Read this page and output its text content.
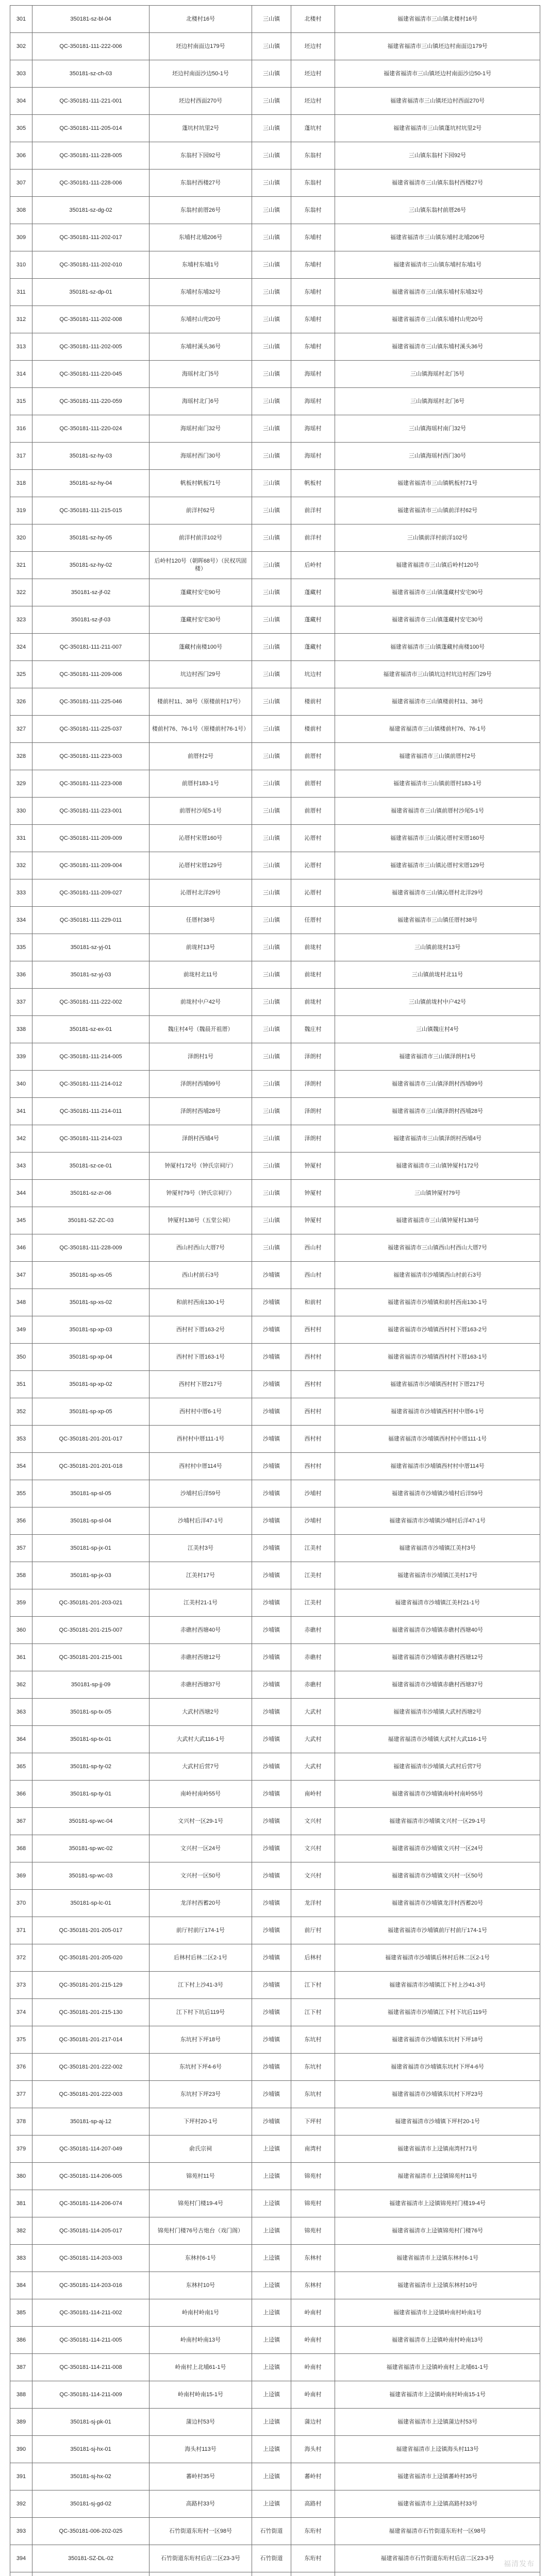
301	350181-sz-bl-04	北楼村16号	三山镇	北楼村	福建省福清市三山镇北楼村16号
302	QC-350181-111-222-006	坯边村南面边179号	三山镇	坯边村	福建省福清市三山镇坯边村南面边179号
303	350181-sz-ch-03	坯边村南面沙边50-1号	三山镇	坯边村	福建省福清市三山镇坯边村南面沙边50-1号
304	QC-350181-111-221-001	坯边村西面270号	三山镇	坯边村	福建省福清市三山镇坯边村西面270号
305	QC-350181-111-205-014	蓬坑村坑里2号	三山镇	蓬坑村	福建省福清市三山镇蓬坑村坑里2号
306	QC-350181-111-228-005	东翁村下园92号	三山镇	东翁村	三山镇东翁村下园92号
307	QC-350181-111-228-006	东翁村西楼27号	三山镇	东翁村	福建省福清市三山镇东翁村西楼27号
308	350181-sz-dg-02	东翁村前厝26号	三山镇	东翁村	三山镇东翁村前厝26号
309	QC-350181-111-202-017	东埔村北埔206号	三山镇	东埔村	福建省福清市三山镇东埔村北埔206号
310	QC-350181-111-202-010	东埔村东埔1号	三山镇	东埔村	福建省福清市三山镇东埔村东埔1号
311	350181-sz-dp-01	东埔村东埔32号	三山镇	东埔村	福建省福清市三山镇东埔村东埔32号
312	QC-350181-111-202-008	东埔村山兜20号	三山镇	东埔村	福建省福清市三山镇东埔村山兜20号
313	QC-350181-111-202-005	东埔村溪头36号	三山镇	东埔村	福建省福清市三山镇东埔村溪头36号
314	QC-350181-111-220-045	海瑶村北门5号	三山镇	海瑶村	三山镇海瑶村北门5号
315	QC-350181-111-220-059	海瑶村北门6号	三山镇	海瑶村	三山镇海瑶村北门6号
316	QC-350181-111-220-024	海瑶村南门32号	三山镇	海瑶村	三山镇海瑶村南门32号
317	350181-sz-hy-03	海瑶村西门30号	三山镇	海瑶村	三山镇海瑶村西门30号
318	350181-sz-hy-04	帆板村帆板71号	三山镇	帆板村	福建省福清市三山镇帆板村71号
319	QC-350181-111-215-015	前洋村62号	三山镇	前洋村	福建省福清市三山镇前洋村62号
320	350181-sz-hy-05	前洋村前洋102号	三山镇	前洋村	三山镇前洋村前洋102号
321	350181-sz-hy-02	后岭村120号（朝晖68号）（民权巩固楼）	三山镇	后岭村	福建省福清市三山镇后岭村120号
322	350181-sz-jf-02	蓬藏村安宅90号	三山镇	蓬藏村	福建省福清市三山镇蓬藏村安宅90号
323	350181-sz-jf-03	蓬藏村安宅30号	三山镇	蓬藏村	福建省福清市三山镇蓬藏村安宅30号
324	QC-350181-111-211-007	蓬藏村南楼100号	三山镇	蓬藏村	福建省福清市三山镇蓬藏村南楼100号
325	QC-350181-111-209-006	坑边村西门29号	三山镇	坑边村	福建省福清市三山镇坑边村坑边村西门29号
326	QC-350181-111-225-046	楼前村11、38号（原楼前村17号）	三山镇	楼前村	福建省福清市三山镇楼前村11、38号
327	QC-350181-111-225-037	楼前村76、76-1号（原楼前村76-1号）	三山镇	楼前村	福建省福清市三山镇楼前村76、76-1号
328	QC-350181-111-223-003	前厝村2号	三山镇	前厝村	福建省福清市三山镇前厝村2号
329	QC-350181-111-223-008	前厝村183-1号	三山镇	前厝村	福建省福清市三山镇前厝村183-1号
330	QC-350181-111-223-001	前厝村沙尾5-1号	三山镇	前厝村	福建省福清市三山镇前厝村沙尾5-1号
331	QC-350181-111-209-009	沁厝村宋厝160号	三山镇	沁厝村	福建省福清市三山镇沁厝村宋厝160号
332	QC-350181-111-209-004	沁厝村宋厝129号	三山镇	沁厝村	福建省福清市三山镇沁厝村宋厝129号
333	QC-350181-111-209-027	沁厝村北洋29号	三山镇	沁厝村	福建省福清市三山镇沁厝村北洋29号
334	QC-350181-111-229-011	任厝村38号	三山镇	任厝村	福建省福清市三山镇任厝村38号
335	350181-sz-yj-01	前垅村13号	三山镇	前垅村	三山镇前垅村13号
336	350181-sz-yj-03	前垅村北11号	三山镇	前垅村	三山镇前垅村北11号
337	QC-350181-111-222-002	前垅村中户42号	三山镇	前垅村	三山镇前垅村中户42号
338	350181-sz-ex-01	魏庄村4号（魏晨开祖厝）	三山镇	魏庄村	三山镇魏庄村4号
339	QC-350181-111-214-005	泽朗村1号	三山镇	泽朗村	福建省福清市三山镇泽朗村1号
340	QC-350181-111-214-012	泽朗村西埔99号	三山镇	泽朗村	福建省福清市三山镇泽朗村西埔99号
341	QC-350181-111-214-011	泽朗村西埔28号	三山镇	泽朗村	福建省福清市三山镇泽朗村西埔28号
342	QC-350181-111-214-023	泽朗村西埔4号	三山镇	泽朗村	福建省福清市三山镇泽朗村西埔4号
343	350181-sz-ce-01	钟厦村172号（钟氏宗祠厅）	三山镇	钟厦村	福建省福清市三山镇钟厦村172号
344	350181-sz-zr-06	钟厦村79号（钟氏宗祠厅）	三山镇	钟厦村	三山镇钟厦村79号
345	350181-SZ-ZC-03	钟厦村138号（五堂公祠）	三山镇	钟厦村	福建省福清市三山镇钟厦村138号
346	QC-350181-111-228-009	西山村西山大厝7号	三山镇	西山村	福建省福清市三山镇西山村西山大厝7号
347	350181-sp-xs-05	西山村前石3号	沙埔镇	西山村	福建省福清市沙埔镇西山村前石3号
348	350181-sp-xs-02	和前村西南130-1号	沙埔镇	和前村	福建省福清市沙埔镇和前村西南130-1号
349	350181-sp-xp-03	西村村下厝163-2号	沙埔镇	西村村	福建省福清市沙埔镇西村村下厝163-2号
350	350181-sp-xp-04	西村村下厝163-1号	沙埔镇	西村村	福建省福清市沙埔镇西村村下厝163-1号
351	350181-sp-xp-02	西村村下厝217号	沙埔镇	西村村	福建省福清市沙埔镇西村村下厝217号
352	350181-sp-xp-05	西村村中厝6-1号	沙埔镇	西村村	福建省福清市沙埔镇西村村中厝6-1号
353	QC-350181-201-201-017	西村村中厝111-1号	沙埔镇	西村村	福建省福清市沙埔镇西村村中厝111-1号
354	QC-350181-201-201-018	西村村中厝114号	沙埔镇	西村村	福建省福清市沙埔镇西村村中厝114号
355	350181-sp-sl-05	沙埔村后洋59号	沙埔镇	沙埔村	福建省福清市沙埔镇沙埔村后洋59号
356	350181-sp-sl-04	沙埔村后洋47-1号	沙埔镇	沙埔村	福建省福清市沙埔镇沙埔村后洋47-1号
357	350181-sp-jx-01	江美村3号	沙埔镇	江美村	福建省福清市沙埔镇江美村3号
358	350181-sp-jx-03	江美村17号	沙埔镇	江美村	福建省福清市沙埔镇江美村17号
359	QC-350181-201-203-021	江美村21-1号	沙埔镇	江美村	福建省福清市沙埔镇江美村21-1号
360	QC-350181-201-215-007	赤礁村西塘40号	沙埔镇	赤礁村	福建省福清市沙埔镇赤礁村西塘40号
361	QC-350181-201-215-001	赤礁村西塘12号	沙埔镇	赤礁村	福建省福清市沙埔镇赤礁村西塘12号
362	350181-sp-jj-09	赤礁村西塘37号	沙埔镇	赤礁村	福建省福清市沙埔镇赤礁村西塘37号
363	350181-sp-tx-05	大武村西塘2号	沙埔镇	大武村	福建省福清市沙埔镇大武村西塘2号
364	350181-sp-tx-01	大武村大武116-1号	沙埔镇	大武村	福建省福清市沙埔镇大武村大武116-1号
365	350181-sp-ty-02	大武村后营7号	沙埔镇	大武村	福建省福清市沙埔镇大武村后营7号
366	350181-sp-ty-01	南岭村南岭55号	沙埔镇	南岭村	福建省福清市沙埔镇南岭村南岭55号
367	350181-sp-wc-04	文兴村一区29-1号	沙埔镇	文兴村	福建省福清市沙埔镇文兴村一区29-1号
368	350181-sp-wc-02	文兴村一区24号	沙埔镇	文兴村	福建省福清市沙埔镇文兴村一区24号
369	350181-sp-wc-03	文兴村一区50号	沙埔镇	文兴村	福建省福清市沙埔镇文兴村一区50号
370	350181-sp-lc-01	龙洋村西蓄20号	沙埔镇	龙洋村	福建省福清市沙埔镇龙洋村西蓄20号
371	QC-350181-201-205-017	前厅村前厅174-1号	沙埔镇	前厅村	福建省福清市沙埔镇前厅村前厅174-1号
372	QC-350181-201-205-020	后林村后林二区2-1号	沙埔镇	后林村	福建省福清市沙埔镇后林村后林二区2-1号
373	QC-350181-201-215-129	江下村上沙41-3号	沙埔镇	江下村	福建省福清市沙埔镇江下村上沙41-3号
374	QC-350181-201-215-130	江下村下坑后119号	沙埔镇	江下村	福建省福清市沙埔镇江下村下坑后119号
375	QC-350181-201-217-014	东坑村下坪18号	沙埔镇	东坑村	福建省福清市沙埔镇东坑村下坪18号
376	QC-350181-201-222-002	东坑村下坪4-6号	沙埔镇	东坑村	福建省福清市沙埔镇东坑村下坪4-6号
377	QC-350181-201-222-003	东坑村下坪23号	沙埔镇	东坑村	福建省福清市沙埔镇东坑村下坪23号
378	350181-sp-aj-12	下坪村20-1号	沙埔镇	下坪村	福建省福清市沙埔镇下坪村20-1号
379	QC-350181-114-207-049	俞氏宗祠	上迳镇	南湾村	福建省福清市上迳镇南湾村71号
380	QC-350181-114-206-005	锦苑村11号	上迳镇	锦苑村	福建省福清市上迳镇锦苑村11号
381	QC-350181-114-206-074	锦苑村门楼19-4号	上迳镇	锦苑村	福建省福清市上迳镇锦苑村门楼19-4号
382	QC-350181-114-205-017	锦苑村门楼76号古炮台（戏门阁）	上迳镇	锦苑村	福建省福清市上迳镇锦苑村门楼76号
383	QC-350181-114-203-003	东林村6-1号	上迳镇	东林村	福建省福清市上迳镇东林村6-1号
384	QC-350181-114-203-016	东林村10号	上迳镇	东林村	福建省福清市上迳镇东林村10号
385	QC-350181-114-211-002	岭南村岭南1号	上迳镇	岭南村	福建省福清市上迳镇岭南村岭南1号
386	QC-350181-114-211-005	岭南村岭南13号	上迳镇	岭南村	福建省福清市上迳镇岭南村岭南13号
387	QC-350181-114-211-008	岭南村上北埔61-1号	上迳镇	岭南村	福建省福清市上迳镇岭南村上北埔61-1号
388	QC-350181-114-211-009	岭南村岭南15-1号	上迳镇	岭南村	福建省福清市上迳镇岭南村岭南15-1号
389	350181-sj-pk-01	蒲边村53号	上迳镇	蒲边村	福建省福清市上迳镇蒲边村53号
390	350181-sj-hx-01	海头村113号	上迳镇	海头村	福建省福清市上迳镇海头村113号
391	350181-sj-hx-02	蕃岭村35号	上迳镇	蕃岭村	福建省福清市上迳镇蕃岭村35号
392	350181-sj-gd-02	高路村33号	上迳镇	高路村	福建省福清市上迳镇高路村33号
393	QC-350181-006-202-025	石竹街道东珩村一区98号	石竹街道	东珩村	福建省福清市石竹街道东珩村一区98号
394	350181-SZ-DL-02	石竹街道东珩村后店二区23-3号	石竹街道	东珩村	福建省福清市石竹街道东珩村后店二区23-3号

福清发布
